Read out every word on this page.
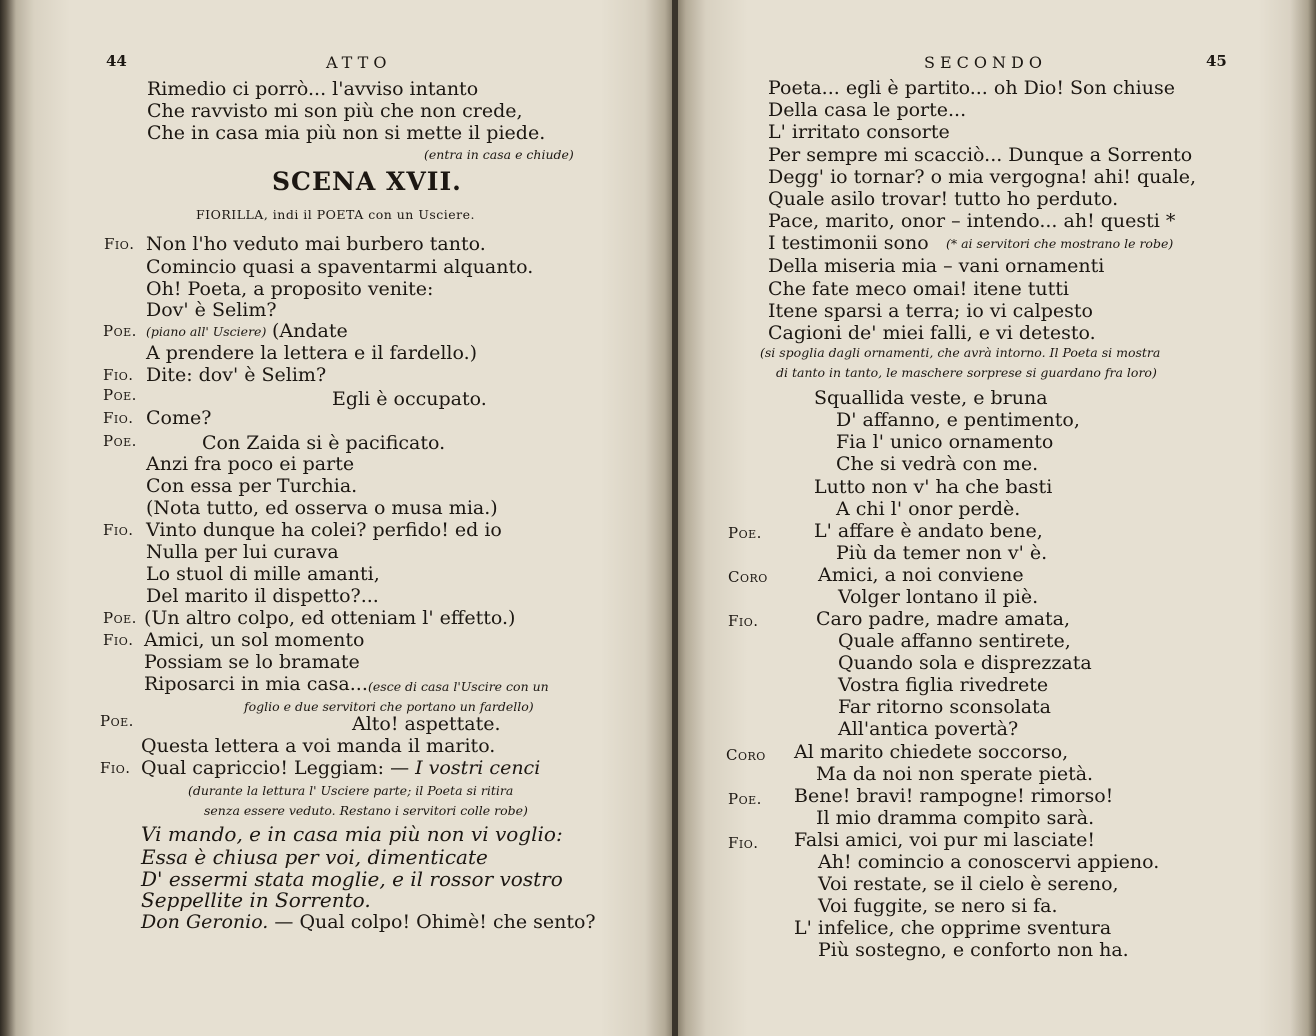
44	ATTO
Rimedio ci porrò... l'avviso intanto
Che ravvisto mi son più che non crede,
Che in casa mia più non si mette il piede.
(entra in casa e chiude)
SCENA XVII.
FIORILLA, indi il POETA con un Usciere.
Fio. Non l'ho veduto mai burbero tanto.
Comincio quasi a spaventarmi alquanto.
Oh! Poeta, a proposito venite:
Dov' è Selim?
Poe. (piano all' Usciere) (Andate
A prendere la lettera e il fardello.)
Fio. Dite: dov' è Selim?
Poe.	Egli è occupato.
Fio. Come?
Poe.	Con Zaida si è pacificato.
Anzi fra poco ei parte
Con essa per Turchia.
(Nota tutto, ed osserva o musa mia.)
Fio. Vinto dunque ha colei? perfido! ed io
Nulla per lui curava
Lo stuol di mille amanti,
Del marito il dispetto?...
Poe. (Un altro colpo, ed otteniam l' effetto.)
Fio. Amici, un sol momento
Possiam se lo bramate
Riposarci in mia casa... (esce di casa l'Uscire con un
foglio e due servitori che portano un fardello)
Poe.	Alto! aspettate.
Questa lettera a voi manda il marito.
Fio. Qual capriccio! Leggiam: — I vostri cenci
(durante la lettura l' Usciere parte; il Poeta si ritira
senza essere veduto. Restano i servitori colle robe)
Vi mando, e in casa mia più non vi voglio:
Essa è chiusa per voi, dimenticate
D' essermi stata moglie, e il rossor vostro
Seppellite in Sorrento.
Don Geronio. — Qual colpo! Ohimè! che sento?
SECONDO	45
Poeta... egli è partito... oh Dio! Son chiuse
Della casa le porte...
L' irritato consorte
Per sempre mi scacciò... Dunque a Sorrento
Degg' io tornar? o mia vergogna! ahi! quale,
Quale asilo trovar! tutto ho perduto.
Pace, marito, onor – intendo... ah! questi *
I testimonii sono (* ai servitori che mostrano le robe)
Della miseria mia – vani ornamenti
Che fate meco omai! itene tutti
Itene sparsi a terra; io vi calpesto
Cagioni de' miei falli, e vi detesto.
(si spoglia dagli ornamenti, che avrà intorno. Il Poeta si mostra
di tanto in tanto, le maschere sorprese si guardano fra loro)
Squallida veste, e bruna
D' affanno, e pentimento,
Fia l' unico ornamento
Che si vedrà con me.
Lutto non v' ha che basti
A chi l' onor perdè.
Poe.	L' affare è andato bene,
Più da temer non v' è.
Coro	Amici, a noi conviene
Volger lontano il piè.
Fio.	Caro padre, madre amata,
Quale affanno sentirete,
Quando sola e disprezzata
Vostra figlia rivedrete
Far ritorno sconsolata
All'antica povertà?
Coro Al marito chiedete soccorso,
Ma da noi non sperate pietà.
Poe. Bene! bravi! rampogne! rimorso!
Il mio dramma compito sarà.
Fio. Falsi amici, voi pur mi lasciate!
Ah! comincio a conoscervi appieno.
Voi restate, se il cielo è sereno,
Voi fuggite, se nero si fa.
L' infelice, che opprime sventura
Più sostegno, e conforto non ha.
